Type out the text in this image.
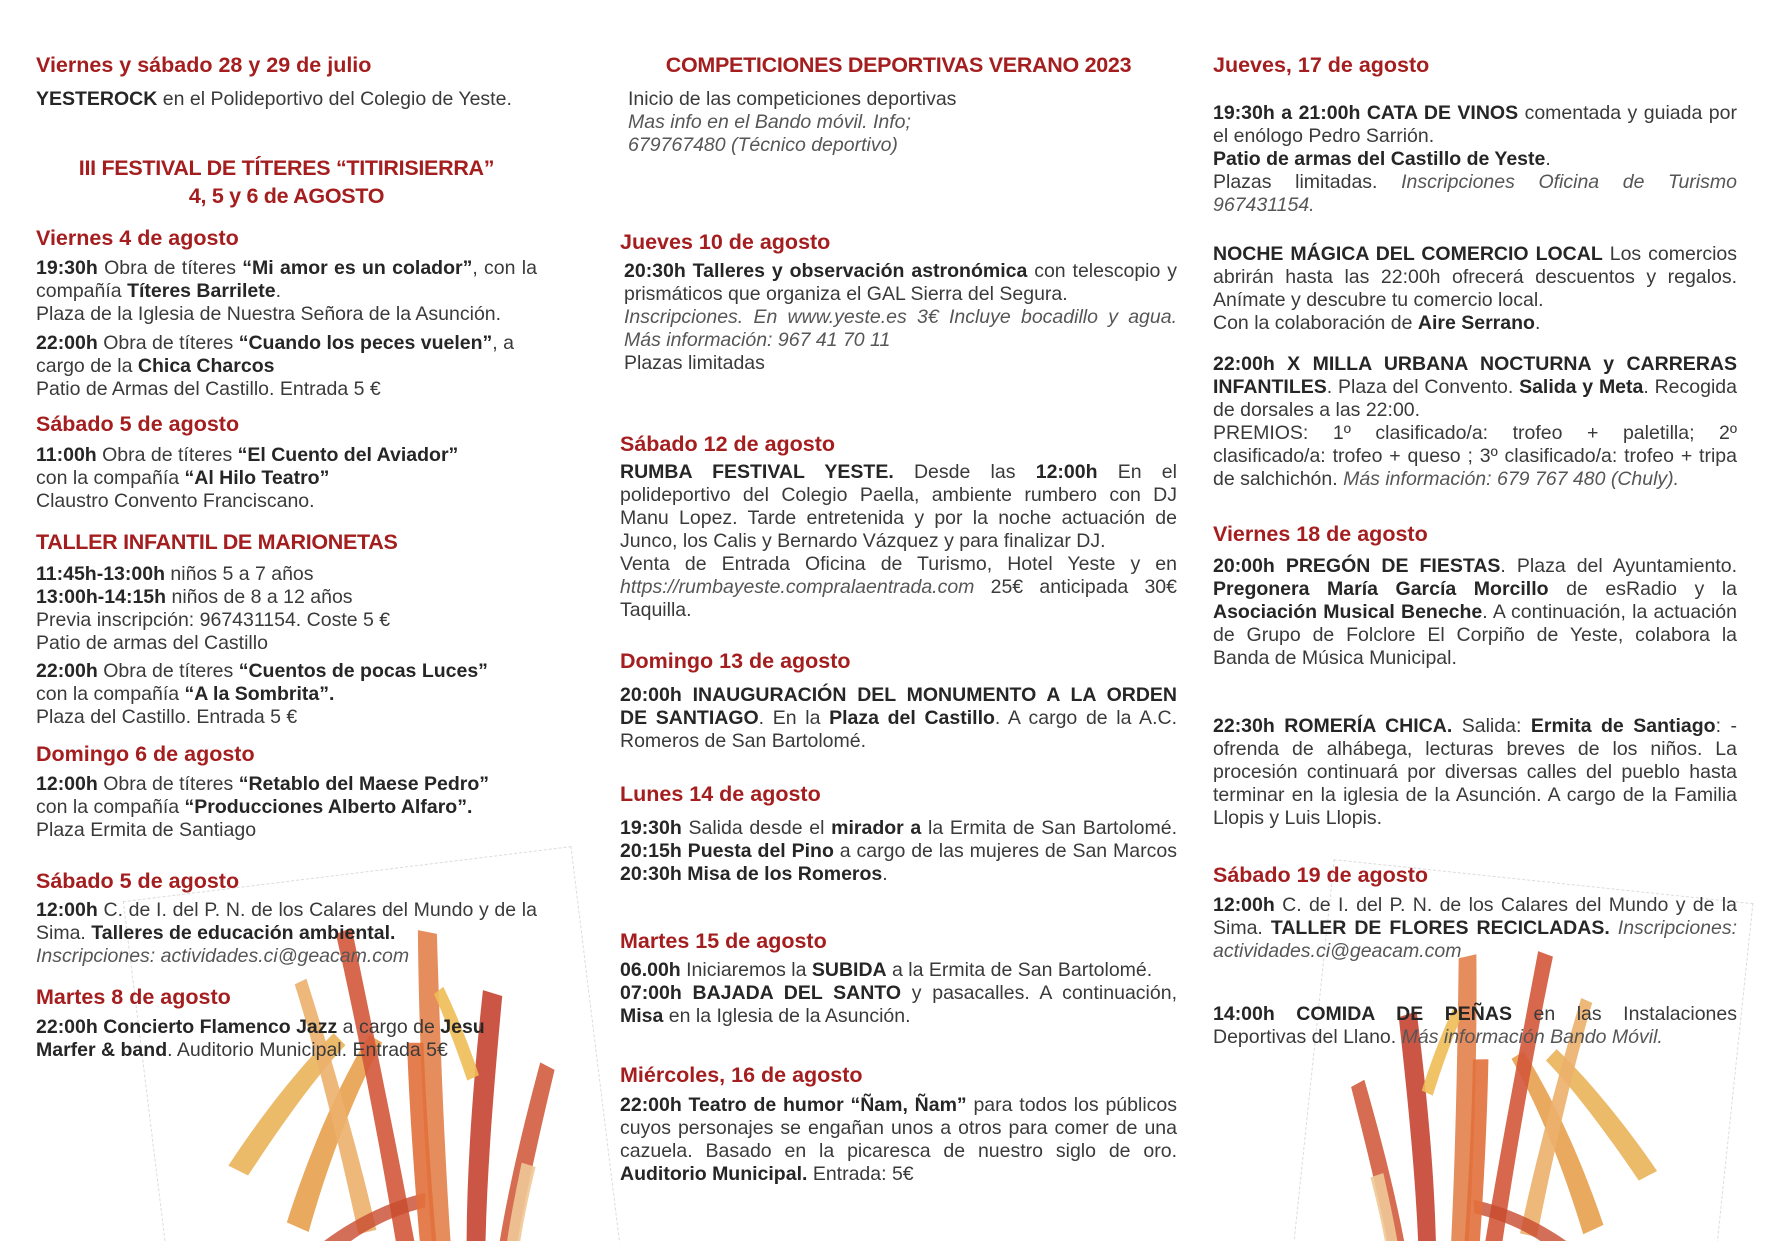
Viernes y sábado 28 y 29 de julio
YESTEROCK en el Polideportivo del Colegio de Yeste.
III FESTIVAL DE TÍTERES “TITIRISIERRA”
4, 5 y 6 de AGOSTO
Viernes 4 de agosto
19:30h Obra de títeres “Mi amor es un colador”, con la compañía Títeres Barrilete.
Plaza de la Iglesia de Nuestra Señora de la Asunción.
22:00h Obra de títeres “Cuando los peces vuelen”, a cargo de la Chica Charcos
Patio de Armas del Castillo. Entrada 5 €
Sábado 5 de agosto
11:00h Obra de títeres “El Cuento del Aviador”
con la compañía “Al Hilo Teatro”
Claustro Convento Franciscano.
TALLER INFANTIL DE MARIONETAS
11:45h-13:00h niños 5 a 7 años
13:00h-14:15h niños de 8 a 12 años
Previa inscripción: 967431154. Coste 5 €
Patio de armas del Castillo
22:00h Obra de títeres “Cuentos de pocas Luces”
con la compañía “A la Sombrita”.
Plaza del Castillo. Entrada 5 €
Domingo 6 de agosto
12:00h Obra de títeres “Retablo del Maese Pedro”
con la compañía “Producciones Alberto Alfaro”.
Plaza Ermita de Santiago
Sábado 5 de agosto
12:00h C. de I. del P. N. de los Calares del Mundo y de la Sima. Talleres de educación ambiental.
Inscripciones: actividades.ci@geacam.com
Martes 8 de agosto
22:00h Concierto Flamenco Jazz a cargo de Jesu Marfer & band. Auditorio Municipal. Entrada 5€
COMPETICIONES DEPORTIVAS VERANO 2023
Inicio de las competiciones deportivas
Mas info en el Bando móvil. Info;
679767480 (Técnico deportivo)
Jueves 10 de agosto
20:30h Talleres y observación astronómica con telescopio y prismáticos que organiza el GAL Sierra del Segura.
Inscripciones. En www.yeste.es 3€ Incluye bocadillo y agua. Más información: 967 41 70 11
Plazas limitadas
Sábado 12 de agosto
RUMBA FESTIVAL YESTE. Desde las 12:00h En el polideportivo del Colegio Paella, ambiente rumbero con DJ Manu Lopez. Tarde entretenida y por la noche actuación de Junco, los Calis y Bernardo Vázquez y para finalizar DJ.
Venta de Entrada Oficina de Turismo, Hotel Yeste y en https://rumbayeste.compralaentrada.com 25€ anticipada 30€ Taquilla.
Domingo 13 de agosto
20:00h INAUGURACIÓN DEL MONUMENTO A LA ORDEN DE SANTIAGO. En la Plaza del Castillo. A cargo de la A.C. Romeros de San Bartolomé.
Lunes 14 de agosto
19:30h Salida desde el mirador a la Ermita de San Bartolomé. 20:15h Puesta del Pino a cargo de las mujeres de San Marcos 20:30h Misa de los Romeros.
Martes 15 de agosto
06.00h Iniciaremos la SUBIDA a la Ermita de San Bartolomé.
07:00h BAJADA DEL SANTO y pasacalles. A continuación, Misa en la Iglesia de la Asunción.
Miércoles, 16 de agosto
22:00h Teatro de humor “Ñam, Ñam” para todos los públicos cuyos personajes se engañan unos a otros para comer de una cazuela. Basado en la picaresca de nuestro siglo de oro. Auditorio Municipal. Entrada: 5€
Jueves, 17 de agosto
19:30h a 21:00h CATA DE VINOS comentada y guiada por el enólogo Pedro Sarrión.
Patio de armas del Castillo de Yeste.
Plazas limitadas. Inscripciones Oficina de Turismo 967431154.
NOCHE MÁGICA DEL COMERCIO LOCAL Los comercios abrirán hasta las 22:00h ofrecerá descuentos y regalos. Anímate y descubre tu comercio local.
Con la colaboración de Aire Serrano.
22:00h X MILLA URBANA NOCTURNA y CARRERAS INFANTILES. Plaza del Convento. Salida y Meta. Recogida de dorsales a las 22:00.
PREMIOS: 1º clasificado/a: trofeo + paletilla; 2º clasificado/a: trofeo + queso ; 3º clasificado/a: trofeo + tripa de salchichón. Más información: 679 767 480 (Chuly).
Viernes 18 de agosto
20:00h PREGÓN DE FIESTAS. Plaza del Ayuntamiento. Pregonera María García Morcillo de esRadio y la Asociación Musical Beneche. A continuación, la actuación de Grupo de Folclore El Corpiño de Yeste, colabora la Banda de Música Municipal.
22:30h ROMERÍA CHICA. Salida: Ermita de Santiago: -ofrenda de alhábega, lecturas breves de los niños. La procesión continuará por diversas calles del pueblo hasta terminar en la iglesia de la Asunción. A cargo de la Familia Llopis y Luis Llopis.
Sábado 19 de agosto
12:00h C. de I. del P. N. de los Calares del Mundo y de la Sima. TALLER DE FLORES RECICLADAS. Inscripciones: actividades.ci@geacam.com
14:00h COMIDA DE PEÑAS en las Instalaciones Deportivas del Llano. Más información Bando Móvil.
